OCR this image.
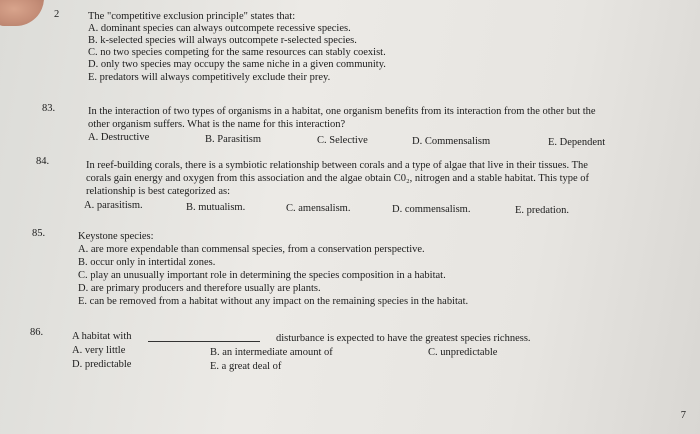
2	The "competitive exclusion principle" states that:
A. dominant species can always outcompete recessive species.
B. k-selected species will always outcompete r-selected species.
C. no two species competing for the same resources can stably coexist.
D. only two species may occupy the same niche in a given community.
E. predators will always competitively exclude their prey.
83.	In the interaction of two types of organisms in a habitat, one organism benefits from its interaction from the other but the
other organism suffers. What is the name for this interaction?
A. Destructive	B. Parasitism	C. Selective	D. Commensalism	E. Dependent
84.	In reef-building corals, there is a symbiotic relationship between corals and a type of algae that live in their tissues. The
corals gain energy and oxygen from this association and the algae obtain C0₂, nitrogen and a stable habitat. This type of
relationship is best categorized as:
A. parasitism.	B. mutualism.	C. amensalism.	D. commensalism.	E. predation.
85.	Keystone species:
A. are more expendable than commensal species, from a conservation perspective.
B. occur only in intertidal zones.
C. play an unusually important role in determining the species composition in a habitat.
D. are primary producers and therefore usually are plants.
E. can be removed from a habitat without any impact on the remaining species in the habitat.
86.	A habitat with	disturbance is expected to have the greatest species richness.
A. very little	B. an intermediate amount of	C. unpredictable
D. predictable	E. a great deal of
7
